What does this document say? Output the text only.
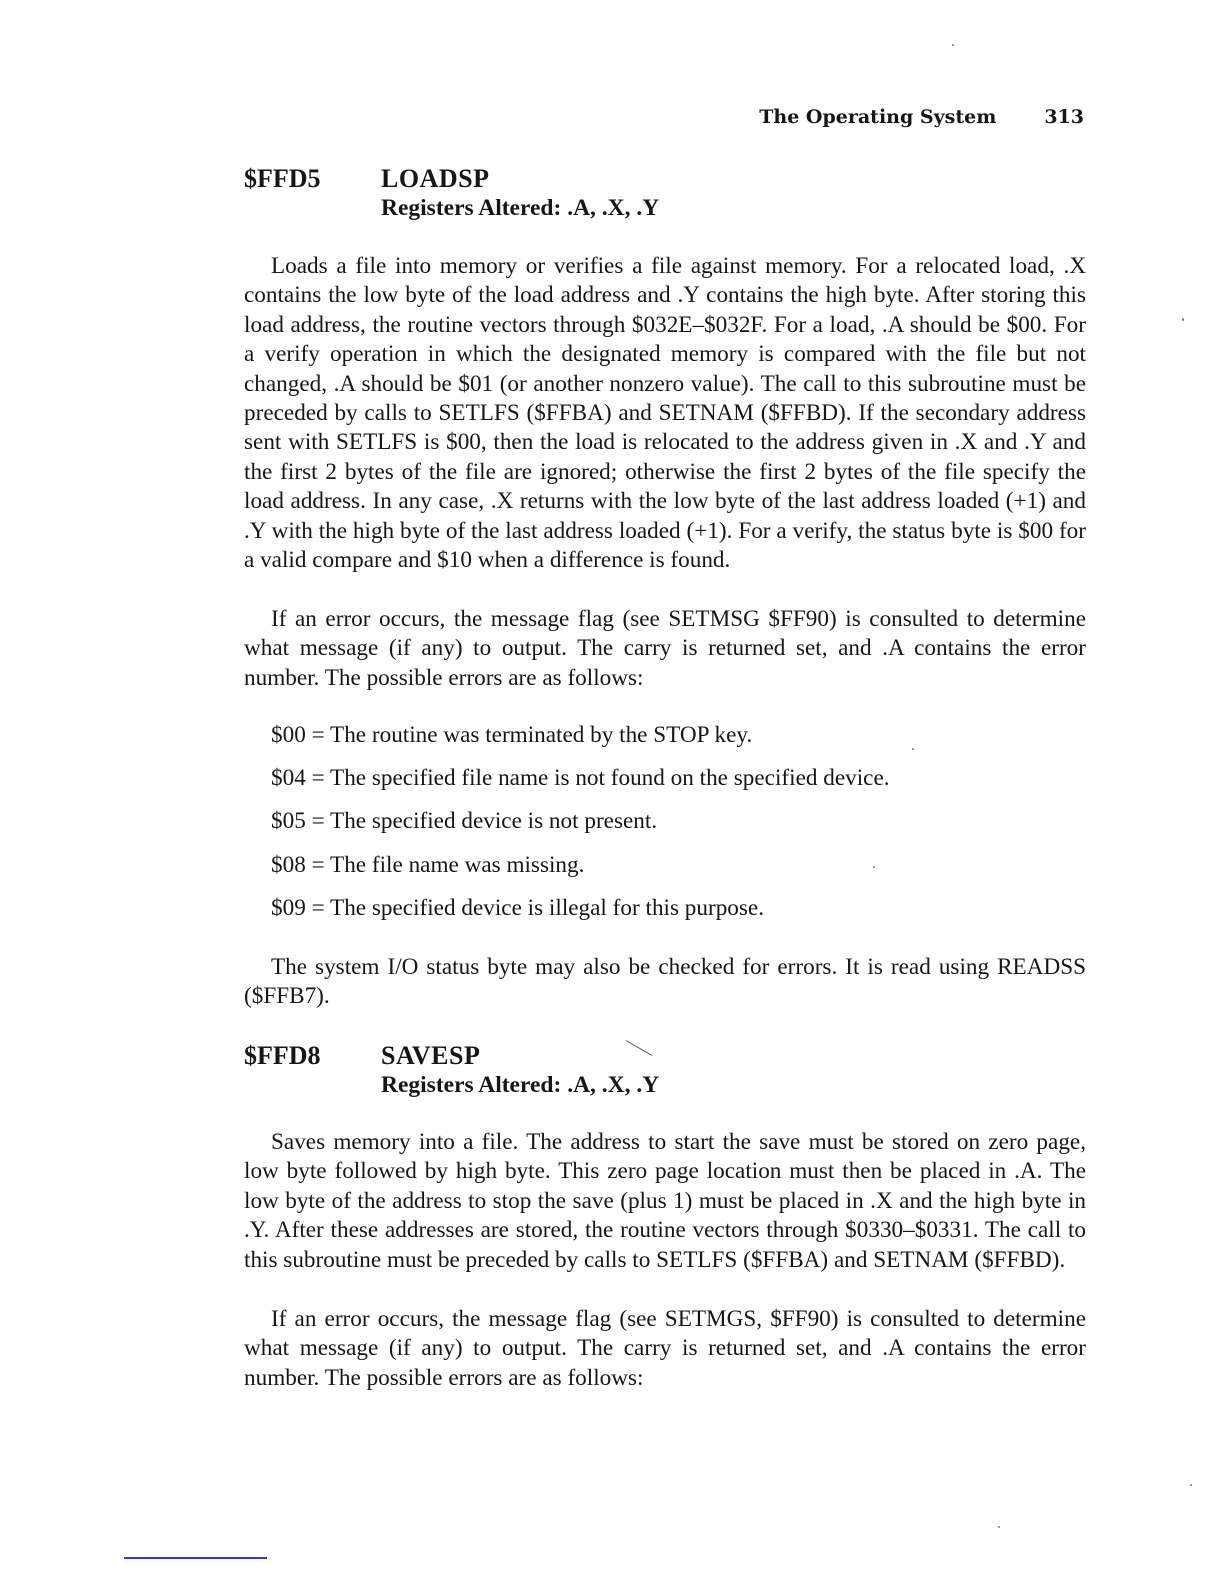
The Operating System	313
$FFD5 LOADSP
Registers Altered: .A, .X, .Y

Loads a file into memory or verifies a file against memory. For a relocated load, .X contains the low byte of the load address and .Y contains the high byte. After storing this load address, the routine vectors through $032E–$032F. For a load, .A should be $00. For a verify operation in which the designated memory is compared with the file but not changed, .A should be $01 (or another nonzero value). The call to this subroutine must be preceded by calls to SETLFS ($FFBA) and SETNAM ($FFBD). If the secondary address sent with SETLFS is $00, then the load is relocated to the address given in .X and .Y and the first 2 bytes of the file are ignored; otherwise the first 2 bytes of the file specify the load address. In any case, .X returns with the low byte of the last address loaded (+1) and .Y with the high byte of the last address loaded (+1). For a verify, the status byte is $00 for a valid compare and $10 when a difference is found.

If an error occurs, the message flag (see SETMSG $FF90) is consulted to determine what message (if any) to output. The carry is returned set, and .A contains the error number. The possible errors are as follows:

$00 = The routine was terminated by the STOP key.
$04 = The specified file name is not found on the specified device.
$05 = The specified device is not present.
$08 = The file name was missing.
$09 = The specified device is illegal for this purpose.

The system I/O status byte may also be checked for errors. It is read using READSS ($FFB7).

$FFD8 SAVESP
Registers Altered: .A, .X, .Y

Saves memory into a file. The address to start the save must be stored on zero page, low byte followed by high byte. This zero page location must then be placed in .A. The low byte of the address to stop the save (plus 1) must be placed in .X and the high byte in .Y. After these addresses are stored, the routine vectors through $0330–$0331. The call to this subroutine must be preceded by calls to SETLFS ($FFBA) and SETNAM ($FFBD).

If an error occurs, the message flag (see SETMGS, $FF90) is consulted to determine what message (if any) to output. The carry is returned set, and .A contains the error number. The possible errors are as follows:
